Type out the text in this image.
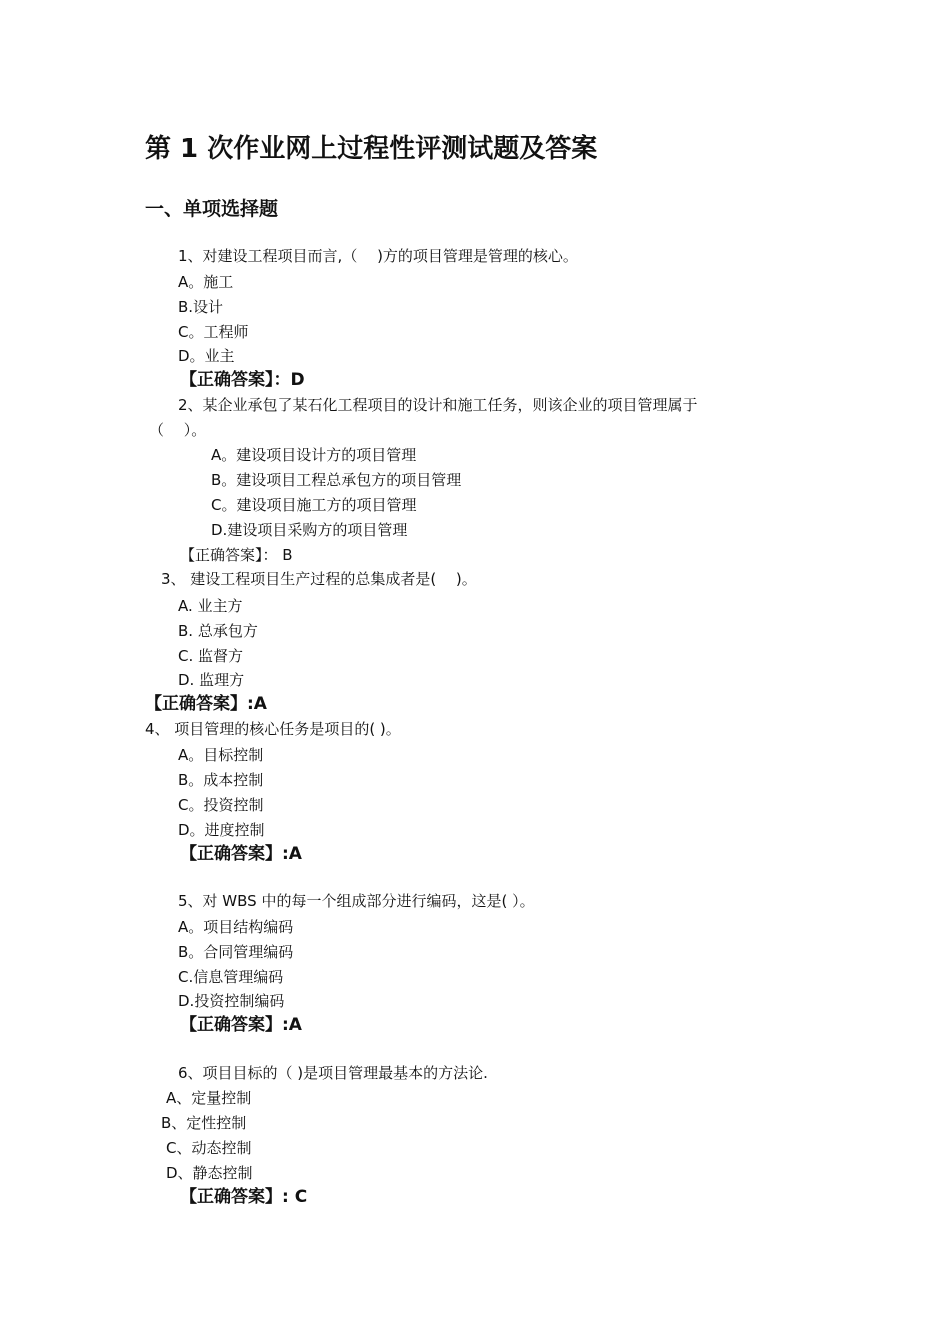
第 1 次作业网上过程性评测试题及答案
一、单项选择题
1、对建设工程项目而言,（　 )方的项目管理是管理的核心。
A。施工
B.设计
C。工程师
D。业主
【正确答案】：D
2、某企业承包了某石化工程项目的设计和施工任务，则该企业的项目管理属于
（　 ）。
A。建设项目设计方的项目管理
B。建设项目工程总承包方的项目管理
C。建设项目施工方的项目管理
D.建设项目采购方的项目管理
【正确答案】： B
3、 建设工程项目生产过程的总集成者是(　 )。
A. 业主方
B. 总承包方
C. 监督方
D. 监理方
【正确答案】:A
4、 项目管理的核心任务是项目的( )。
A。目标控制
B。成本控制
C。投资控制
D。进度控制
【正确答案】:A
5、对 WBS 中的每一个组成部分进行编码，这是( ）。
A。项目结构编码
B。合同管理编码
C.信息管理编码
D.投资控制编码
【正确答案】:A
6、项目目标的（ )是项目管理最基本的方法论.
A、定量控制
B、定性控制
C、动态控制
D、静态控制
【正确答案】: C
